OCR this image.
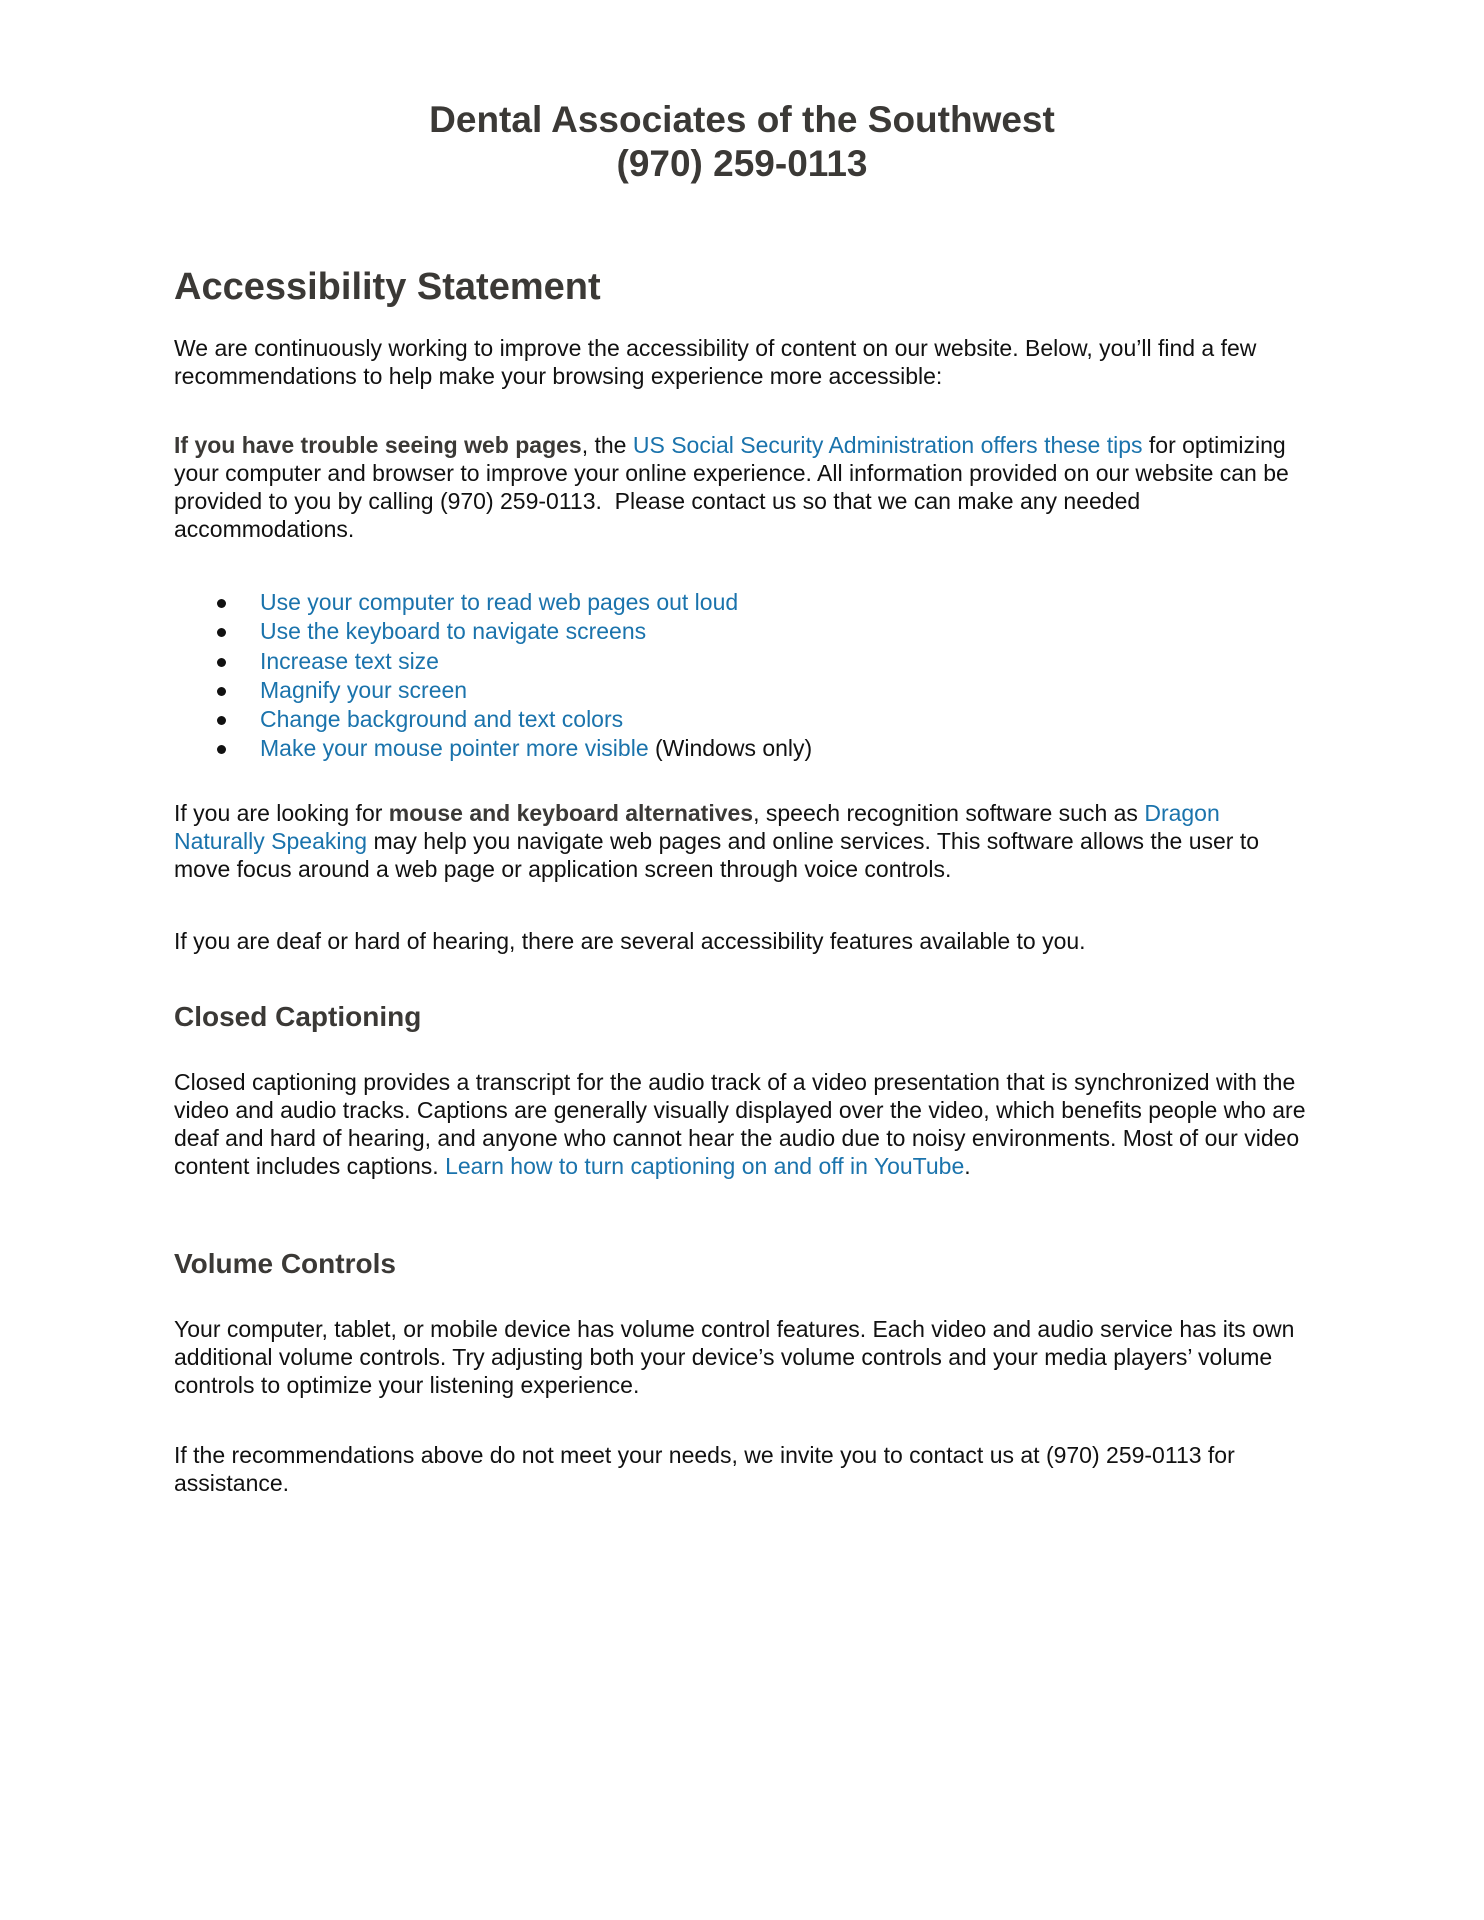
Dental Associates of the Southwest
(970) 259-0113
Accessibility Statement

We are continuously working to improve the accessibility of content on our website. Below, you’ll find a few recommendations to help make your browsing experience more accessible:

If you have trouble seeing web pages, the US Social Security Administration offers these tips for optimizing your computer and browser to improve your online experience. All information provided on our website can be provided to you by calling (970) 259-0113.  Please contact us so that we can make any needed accommodations.

Use your computer to read web pages out loud
Use the keyboard to navigate screens
Increase text size
Magnify your screen
Change background and text colors
Make your mouse pointer more visible (Windows only)

If you are looking for mouse and keyboard alternatives, speech recognition software such as Dragon Naturally Speaking may help you navigate web pages and online services. This software allows the user to move focus around a web page or application screen through voice controls.

If you are deaf or hard of hearing, there are several accessibility features available to you.

Closed Captioning

Closed captioning provides a transcript for the audio track of a video presentation that is synchronized with the video and audio tracks. Captions are generally visually displayed over the video, which benefits people who are deaf and hard of hearing, and anyone who cannot hear the audio due to noisy environments. Most of our video content includes captions. Learn how to turn captioning on and off in YouTube.

Volume Controls

Your computer, tablet, or mobile device has volume control features. Each video and audio service has its own additional volume controls. Try adjusting both your device’s volume controls and your media players’ volume controls to optimize your listening experience.

If the recommendations above do not meet your needs, we invite you to contact us at (970) 259-0113 for assistance.
